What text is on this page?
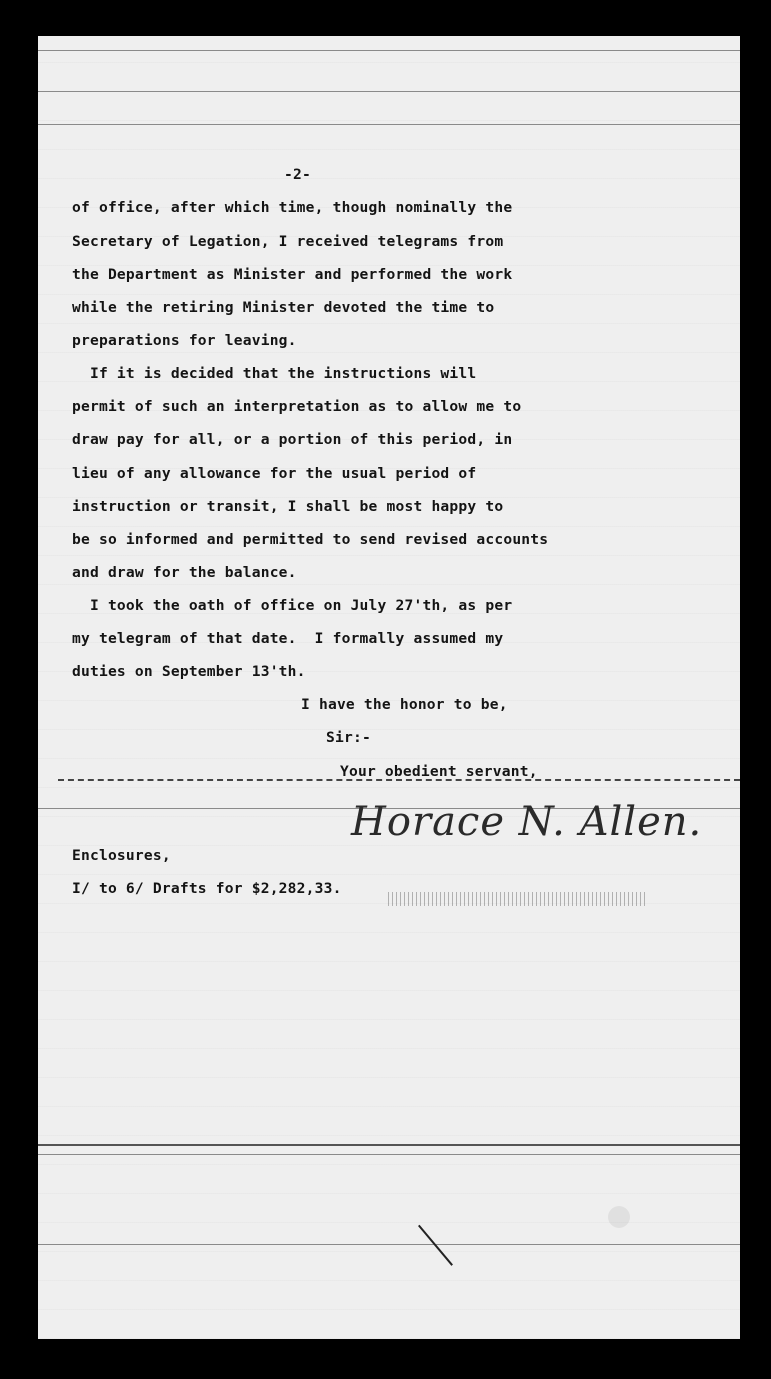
-2-
of office, after which time, though nominally the
Secretary of Legation, I received telegrams from
the Department as Minister and performed the work
while the retiring Minister devoted the time to
preparations for leaving.
If it is decided that the instructions will
permit of such an interpretation as to allow me to
draw pay for all, or a portion of this period, in
lieu of any allowance for the usual period of
instruction or transit, I shall be most happy to
be so informed and permitted to send revised accounts
and draw for the balance.
I took the oath of office on July 27'th, as per
my telegram of that date.  I formally assumed my
duties on September 13'th.
I have the honor to be,
Sir:-
Your obedient servant,
Horace N. Allen.
Enclosures,
I/ to 6/ Drafts for $2,282,33.
